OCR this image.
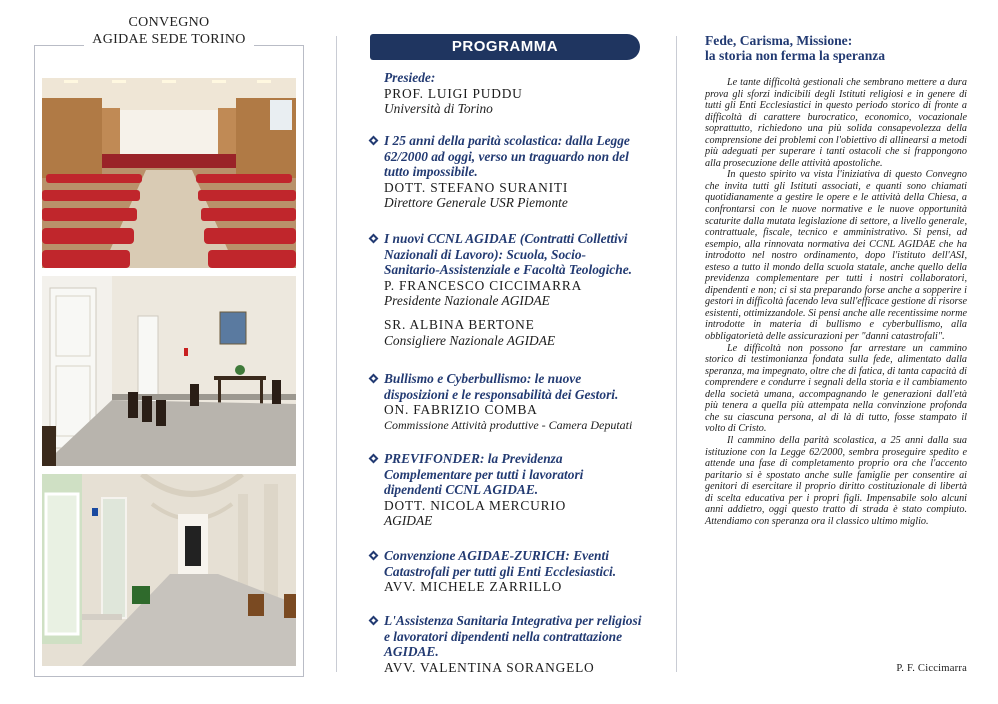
CONVEGNO
AGIDAE SEDE TORINO	PROGRAMMA
Presiede:
PROF. LUIGI PUDDU
Università di Torino
I 25 anni della parità scolastica: dalla Legge
62/2000 ad oggi, verso un traguardo non del
tutto impossibile.
DOTT. STEFANO SURANITI
Direttore Generale USR Piemonte
I nuovi CCNL AGIDAE (Contratti Collettivi
Nazionali di Lavoro): Scuola, Socio-
Sanitario-Assistenziale e Facoltà Teologiche.
P. FRANCESCO CICCIMARRA
Presidente Nazionale AGIDAE
SR. ALBINA BERTONE
Consigliere Nazionale AGIDAE
Bullismo e Cyberbullismo: le nuove
disposizioni e le responsabilità dei Gestori.
ON. FABRIZIO COMBA
Commissione Attività produttive - Camera Deputati
PREVIFONDER: la Previdenza
Complementare per tutti i lavoratori
dipendenti CCNL AGIDAE.
DOTT. NICOLA MERCURIO
AGIDAE
Convenzione AGIDAE-ZURICH: Eventi
Catastrofali per tutti gli Enti Ecclesiastici.
AVV. MICHELE ZARRILLO
L'Assistenza Sanitaria Integrativa per religiosi
e lavoratori dipendenti nella contrattazione
AGIDAE.
AVV. VALENTINA SORANGELO
Fede, Carisma, Missione:
la storia non ferma la speranza

Le tante difficoltà gestionali che sembrano mettere a dura prova gli sforzi indicibili degli Istituti religiosi e in genere di tutti gli Enti Ecclesiastici in questo periodo storico di fronte a difficoltà di carattere burocratico, economico, vocazionale soprattutto, richiedono una più solida consapevolezza della comprensione dei problemi con l'obiettivo di allinearsi a metodi più adeguati per superare i tanti ostacoli che si frappongono alla prosecuzione delle attività apostoliche.

In questo spirito va vista l'iniziativa di questo Convegno che invita tutti gli Istituti associati, e quanti sono chiamati quotidianamente a gestire le opere e le attività della Chiesa, a confrontarsi con le nuove normative e le nuove opportunità scaturite dalla mutata legislazione di settore, a livello generale, contrattuale, fiscale, tecnico e amministrativo. Si pensi, ad esempio, alla rinnovata normativa dei CCNL AGIDAE che ha introdotto nel nostro ordinamento, dopo l'istituto dell'ASI, esteso a tutto il mondo della scuola statale, anche quello della previdenza complementare per tutti i nostri collaboratori, dipendenti e non; ci si sta preparando forse anche a sopperire i gestori in difficoltà facendo leva sull'efficace gestione di risorse esistenti, ottimizzandole. Si pensi anche alle recentissime norme introdotte in materia di bullismo e cyberbullismo, alla obbligatorietà delle assicurazioni per "danni catastrofali".

Le difficoltà non possono far arrestare un cammino storico di testimonianza fondata sulla fede, alimentato dalla speranza, ma impegnato, oltre che di fatica, di tanta capacità di comprendere e condurre i segnali della storia e il cambiamento della società umana, accompagnando le generazioni dall'età più tenera a quella più attempata nella convinzione profonda che su ciascuna persona, al di là di tutto, fosse stampato il volto di Cristo.

Il cammino della parità scolastica, a 25 anni dalla sua istituzione con la Legge 62/2000, sembra proseguire spedito e attende una fase di completamento proprio ora che l'accento paritario si è spostato anche sulle famiglie per consentire ai genitori di esercitare il proprio diritto costituzionale di libertà di scelta educativa per i propri figli. Impensabile solo alcuni anni addietro, oggi questo tratto di strada è stato compiuto. Attendiamo con speranza ora il classico ultimo miglio.

P. F. Ciccimarra
